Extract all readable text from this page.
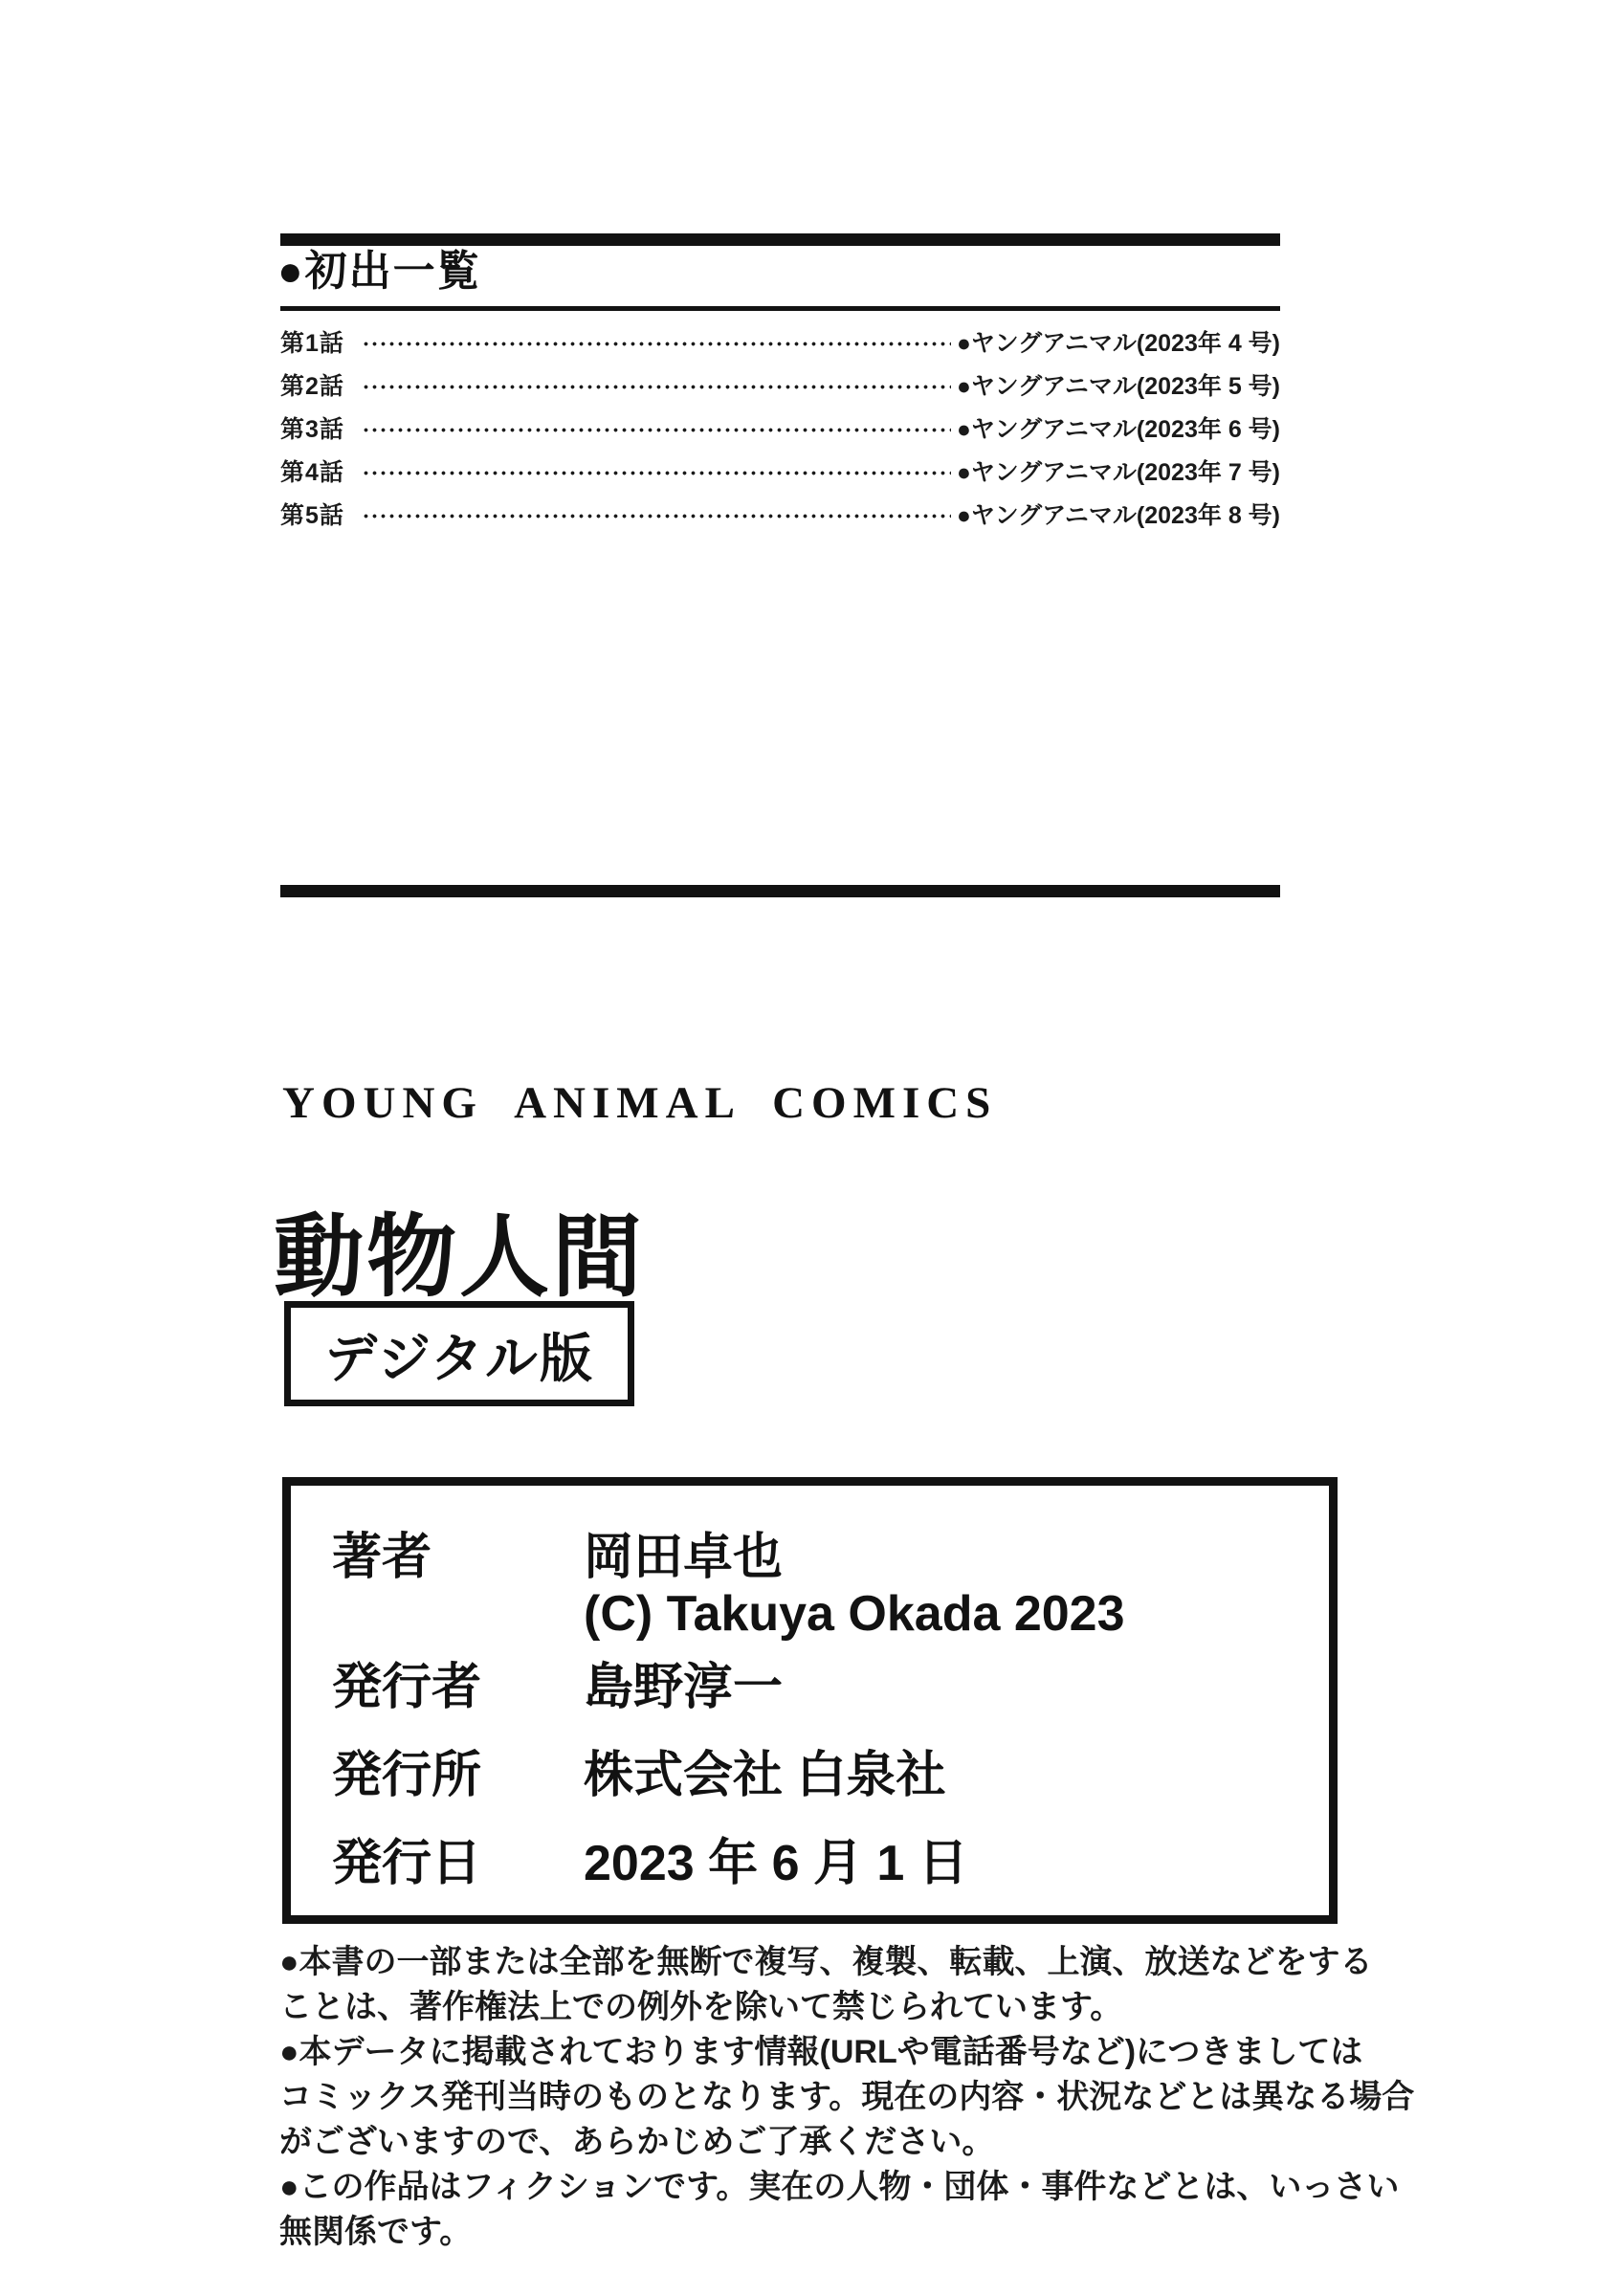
●初出一覧
第1話	●ヤングアニマル(2023年 4 号)
第2話	●ヤングアニマル(2023年 5 号)
第3話	●ヤングアニマル(2023年 6 号)
第4話	●ヤングアニマル(2023年 7 号)
第5話	●ヤングアニマル(2023年 8 号)
YOUNG ANIMAL COMICS
動物人間
デジタル版
著者	岡田卓也
(C) Takuya Okada 2023
発行者	島野淳一
発行所	株式会社 白泉社
発行日	2023 年 6 月 1 日
●本書の一部または全部を無断で複写、複製、転載、上演、放送などをする
ことは、著作権法上での例外を除いて禁じられています。
●本データに掲載されております情報(URLや電話番号など)につきましては
コミックス発刊当時のものとなります。現在の内容・状況などとは異なる場合
がございますので、あらかじめご了承ください。
●この作品はフィクションです。実在の人物・団体・事件などとは、いっさい
無関係です。
